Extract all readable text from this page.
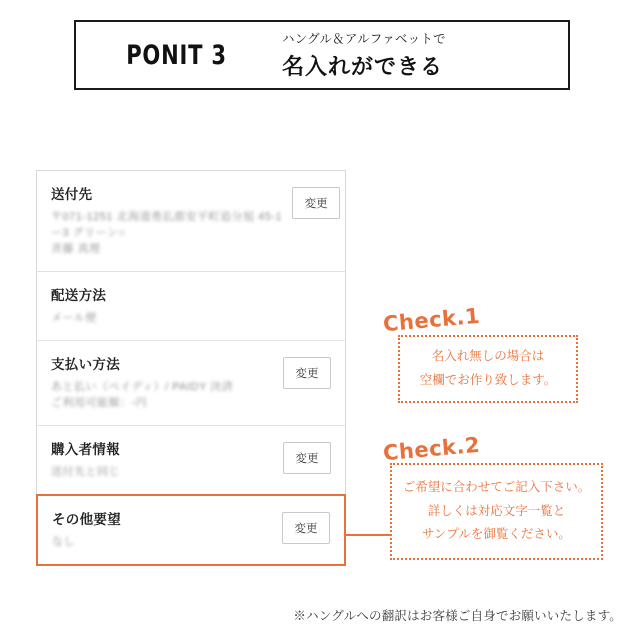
PONIT 3
ハングル＆アルファベットで
名入れができる
送付先
〒071-1251 北海道勇払郡安平町追分旭 45-1
ー3 グリーン○
斉藤 真理
変更
配送方法
メール便
支払い方法
あと払い（ペイディ）/ PAIDY 決済
ご利用可能額：-円
変更
購入者情報
送付先と同じ
変更
その他要望
なし
変更
Check.1
名入れ無しの場合は
空欄でお作り致します。
Check.2
ご希望に合わせてご記入下さい。
詳しくは対応文字一覧と
サンプルを御覧ください。
※ハングルへの翻訳はお客様ご自身でお願いいたします。
